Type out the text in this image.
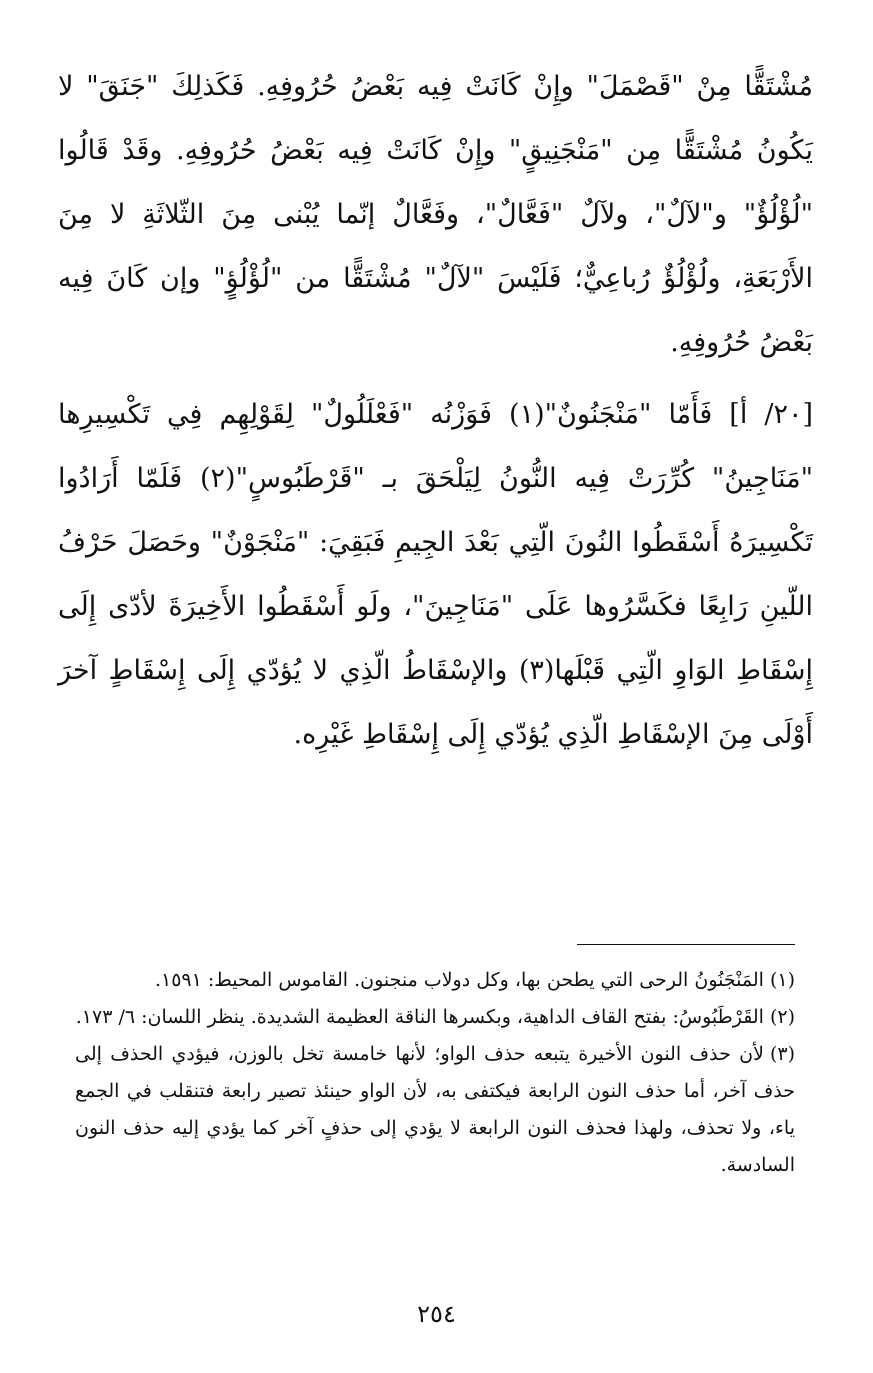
مُشْتَقًّا مِنْ "قَصْمَلَ" وإِنْ كَانَتْ فِيه بَعْضُ حُرُوفِهِ. فَكَذلِكَ "جَنَقَ" لا يَكُونُ مُشْتَقًّا مِن "مَنْجَنِيقٍ" وإِنْ كَانَتْ فِيه بَعْضُ حُرُوفِهِ. وقَدْ قَالُوا "لُؤْلُؤٌ" و"لآلٌ"، ولآلٌ "فَعَّالٌ"، وفَعَّالٌ إنّما يُبْنى مِنَ الثّلاثَةِ لا مِنَ الأَرْبَعَةِ، ولُؤْلُؤٌ رُباعِيٌّ؛ فَلَيْسَ "لآلٌ" مُشْتَقًّا من "لُؤْلُؤٍ" وإن كَانَ فِيه بَعْضُ حُرُوفِهِ.

[٢٠/ أ] فَأَمّا "مَنْجَنُونٌ"(١) فَوَزْنُه "فَعْلَلُولٌ" لِقَوْلِهِم فِي تَكْسِيرِها "مَنَاجِينُ" كُرِّرَتْ فِيه النُّونُ لِيَلْحَقَ بـ "قَرْطَبُوسٍ"(٢) فَلَمّا أَرَادُوا تَكْسِيرَهُ أَسْقَطُوا النُونَ الّتِي بَعْدَ الجِيمِ فَبَقِيَ: "مَنْجَوْنٌ" وحَصَلَ حَرْفُ اللّينِ رَابِعًا فكَسَّرُوها عَلَى "مَنَاجِينَ"، ولَو أَسْقَطُوا الأَخِيرَةَ لأدّى إِلَى إِسْقَاطِ الوَاوِ الّتِي قَبْلَها(٣) والإسْقَاطُ الّذِي لا يُؤدّي إِلَى إِسْقَاطٍ آخرَ أَوْلَى مِنَ الإسْقَاطِ الّذِي يُؤدّي إِلَى إِسْقَاطِ غَيْرِه.

(١)المَنْجَنُونُ الرحى التي يطحن بها، وكل دولاب منجنون. القاموس المحيط: ١٥٩١.

(٢)القَرْطَبُوسُ: بفتح القاف الداهية، وبكسرها الناقة العظيمة الشديدة. ينظر اللسان: ٦/ ١٧٣.

(٣)لأن حذف النون الأخيرة يتبعه حذف الواو؛ لأنها خامسة تخل بالوزن، فيؤدي الحذف إلى حذف آخر، أما حذف النون الرابعة فيكتفى به، لأن الواو حينئذ تصير رابعة فتنقلب في الجمع ياء، ولا تحذف، ولهذا فحذف النون الرابعة لا يؤدي إلى حذفٍ آخر كما يؤدي إليه حذف النون السادسة.

٢٥٤
